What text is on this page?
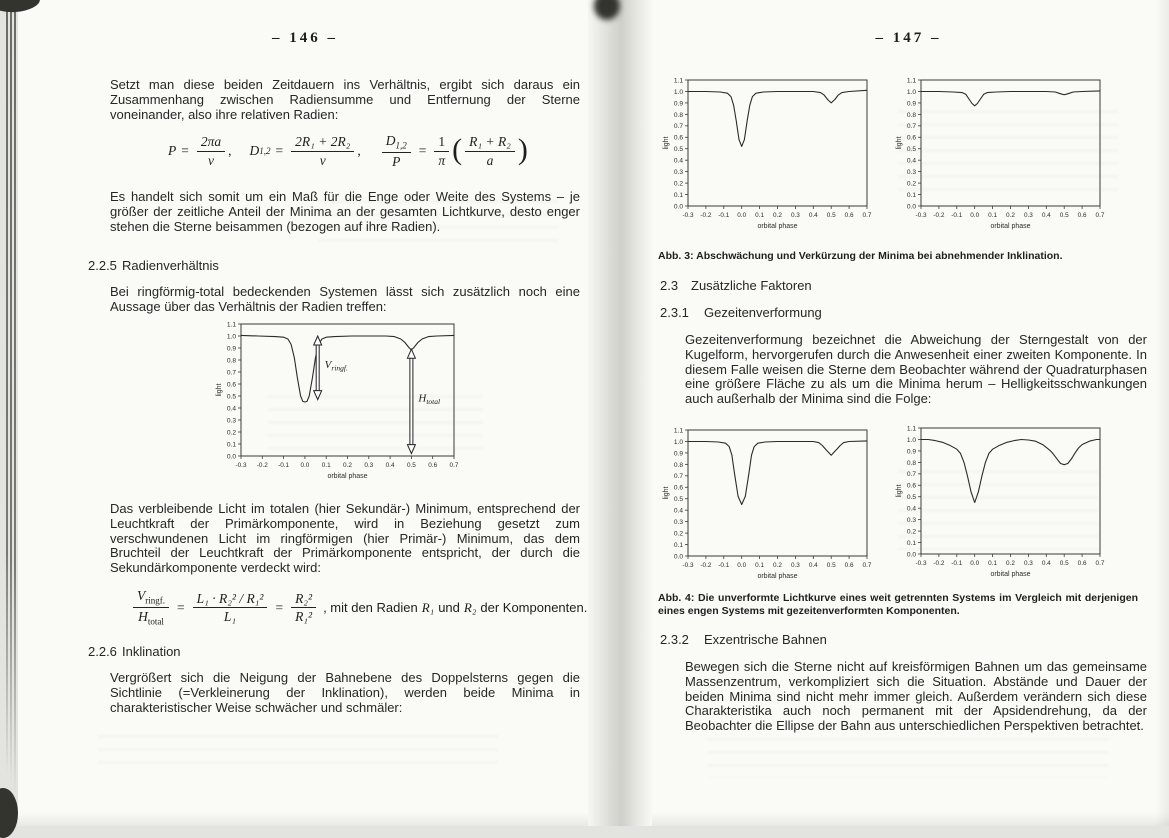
– 146 –
Setzt man diese beiden Zeitdauern ins Verhältnis, ergibt sich daraus ein Zusammenhang zwischen Radiensumme und Entfernung der Sterne voneinander, also ihre relativen Radien:
$P = \frac{2\pi a}{v}$ , D $1,2 = \frac{\text{2R₁ + 2R₂}}{v}$ , $\frac{D_{1,2}}{P} = \frac{1}{\pi}$ ( $\frac{\text{R₁ + R₂}}{a}$ )
Es handelt sich somit um ein Maß für die Enge oder Weite des Systems – je größer der zeitliche Anteil der Minima an der gesamten Lichtkurve, desto enger stehen die Sterne beisammen (bezogen auf ihre Radien).
2.2.5 Radienverhältnis
Bei ringförmig-total bedeckenden Systemen lässt sich zusätzlich noch eine Aussage über das Verhältnis der Radien treffen:
0.0
0.1
0.2
0.3
0.4
0.5
0.6
0.7
0.8
0.9
1.0
1.1
-0.3 -0.2 -0.1 0.0 0.1 0.2 0.3 0.4 0.5 0.6 0.7
orbital phase
light
$V_{ringf.}$
$H_{total}$
Das verbleibende Licht im totalen (hier Sekundär-) Minimum, entsprechend der Leuchtkraft der Primärkomponente, wird in Beziehung gesetzt zum verschwundenen Licht im ringförmigen (hier Primär-) Minimum, das dem Bruchteil der Leuchtkraft der Primärkomponente entspricht, der durch die Sekundärkomponente verdeckt wird:
$\frac{V_{ringf.}}{H_{total}} = \frac{\text{L₁ · R₂² / R₁²}}{\text{L₁}} = \frac{\text{R₂²}}{\text{R₁²}}$ , mit den Radien R₁ und R₂ der Komponenten.
2.2.6 Inklination
Vergrößert sich die Neigung der Bahnebene des Doppelsterns gegen die Sichtlinie (=Verkleinerung der Inklination), werden beide Minima in charakteristischer Weise schwächer und schmäler:
– 147 –
0.0
0.1
0.2
0.3
0.4
0.5
0.6
0.7
0.8
0.9
1.0
1.1
-0.3 -0.2 -0.1 0.0 0.1 0.2 0.3 0.4 0.5 0.6 0.7
orbital phase
light
0.0
0.1
0.2
0.3
0.4
0.5
0.6
0.7
0.8
0.9
1.0
1.1
-0.3 -0.2 -0.1 0.0 0.1 0.2 0.3 0.4 0.5 0.6 0.7
orbital phase
light
Abb. 3: Abschwächung und Verkürzung der Minima bei abnehmender Inklination.
2.3 Zusätzliche Faktoren
2.3.1 Gezeitenverformung
Gezeitenverformung bezeichnet die Abweichung der Sterngestalt von der Kugelform, hervorgerufen durch die Anwesenheit einer zweiten Komponente. In diesem Falle weisen die Sterne dem Beobachter während der Quadraturphasen eine größere Fläche zu als um die Minima herum – Helligkeitsschwankungen auch außerhalb der Minima sind die Folge:
0.0
0.1
0.2
0.3
0.4
0.5
0.6
0.7
0.8
0.9
1.0
1.1
-0.3 -0.2 -0.1 0.0 0.1 0.2 0.3 0.4 0.5 0.6 0.7
orbital phase
light
0.0
0.1
0.2
0.3
0.4
0.5
0.6
0.7
0.8
0.9
1.0
1.1
-0.3 -0.2 -0.1 0.0 0.1 0.2 0.3 0.4 0.5 0.6 0.7
orbital phase
light
Abb. 4: Die unverformte Lichtkurve eines weit getrennten Systems im Vergleich mit derjenigen eines engen Systems mit gezeitenverformten Komponenten.
2.3.2 Exzentrische Bahnen
Bewegen sich die Sterne nicht auf kreisförmigen Bahnen um das gemeinsame Massenzentrum, verkompliziert sich die Situation. Abstände und Dauer der beiden Minima sind nicht mehr immer gleich. Außerdem verändern sich diese Charakteristika auch noch permanent mit der Apsidendrehung, da der Beobachter die Ellipse der Bahn aus unterschiedlichen Perspektiven betrachtet.
